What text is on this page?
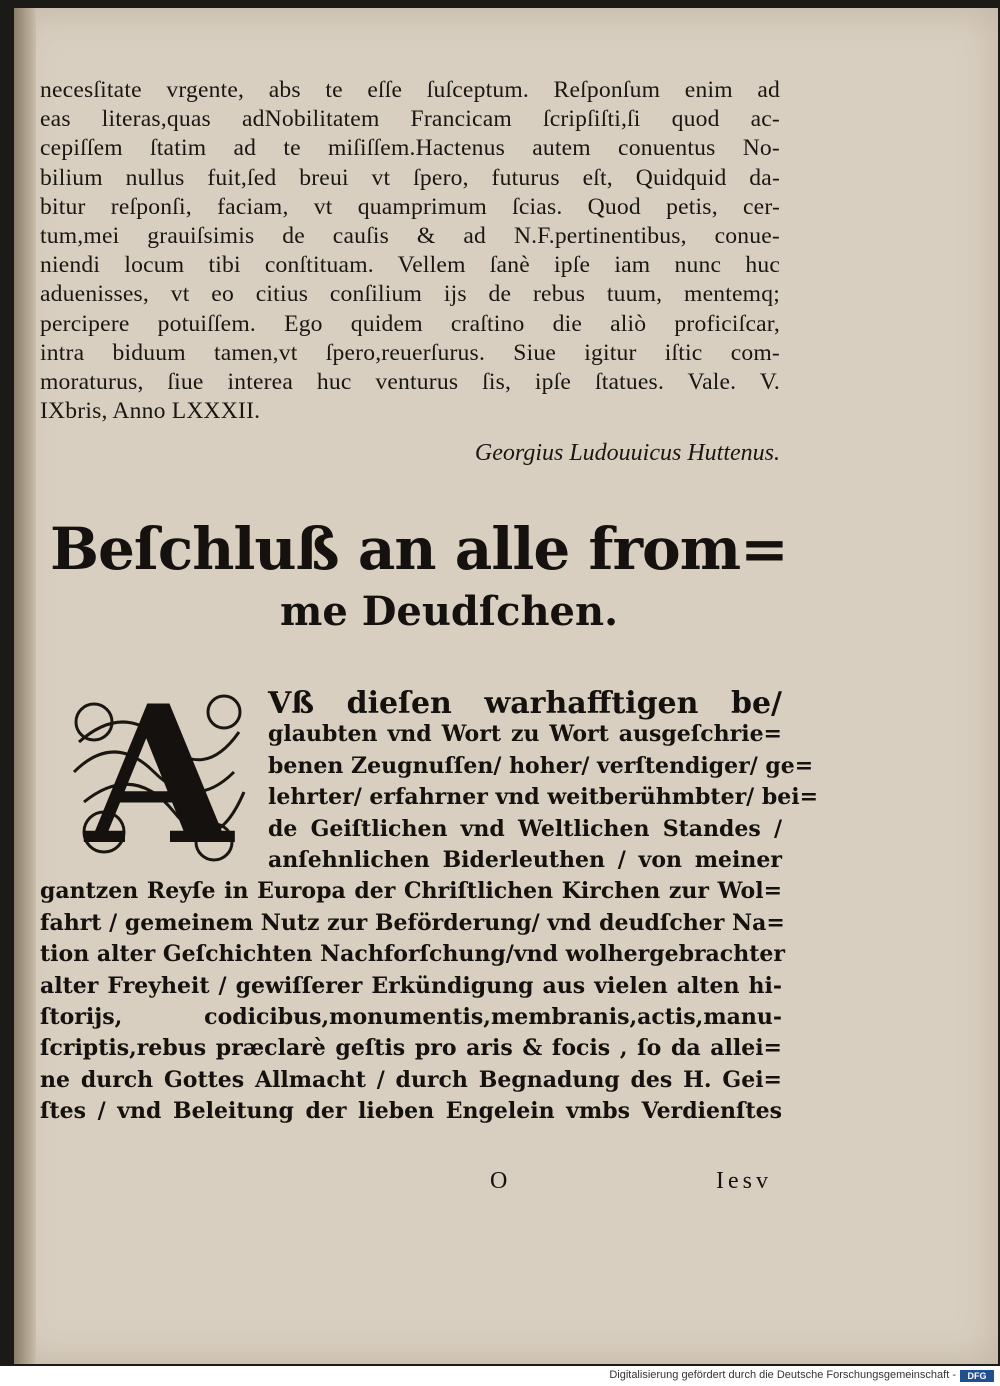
necesſitate vrgente, abs te eſſe ſuſceptum. Reſponſum enim ad
eas literas,quas adNobilitatem Francicam ſcripſiſti,ſi quod ac-
cepiſſem ſtatim ad te miſiſſem.Hactenus autem conuentus No-
bilium nullus fuit,ſed breui vt ſpero, futurus eſt, Quidquid da-
bitur reſponſi, faciam, vt quamprimum ſcias. Quod petis, cer-
tum,mei grauiſsimis de cauſis & ad N.F.pertinentibus, conue-
niendi locum tibi conſtituam. Vellem ſanè ipſe iam nunc huc
aduenisses, vt eo citius conſilium ijs de rebus tuum, mentemq;
percipere potuiſſem. Ego quidem craſtino die aliò proficiſcar,
intra biduum tamen,vt ſpero,reuerſurus. Siue igitur iſtic com-
moraturus, ſiue interea huc venturus ſis, ipſe ſtatues. Vale. V.
IXbris, Anno LXXXII.
Georgius Ludouuicus Huttenus.
Beſchluß an alle from=
me Deudſchen.
A	Vß dieſen warhafftigen be/
glaubten vnd Wort zu Wort ausgeſchrie=
benen Zeugnuſſen/ hoher/ verſtendiger/ ge=
lehrter/ erfahrner vnd weitberühmbter/ bei=
de Geiſtlichen vnd Weltlichen Standes /
anſehnlichen Biderleuthen / von meiner
gantzen Reyſe in Europa der Chriſtlichen Kirchen zur Wol=
fahrt / gemeinem Nutz zur Beförderung/ vnd deudſcher Na=
tion alter Geſchichten Nachforſchung/vnd wolhergebrachter
alter Freyheit / gewiſſerer Erkündigung aus vielen alten hi-
ſtorijs, codicibus,monumentis,membranis,actis,manu-
ſcriptis,rebus præclarè geſtis pro aris & focis , ſo da allei=
ne durch Gottes Allmacht / durch Begnadung des H. Gei=
ſtes / vnd Beleitung der lieben Engelein vmbs Verdienſtes
O	Iesv
Digitalisierung gefördert durch die Deutsche Forschungsgemeinschaft -	DFG
